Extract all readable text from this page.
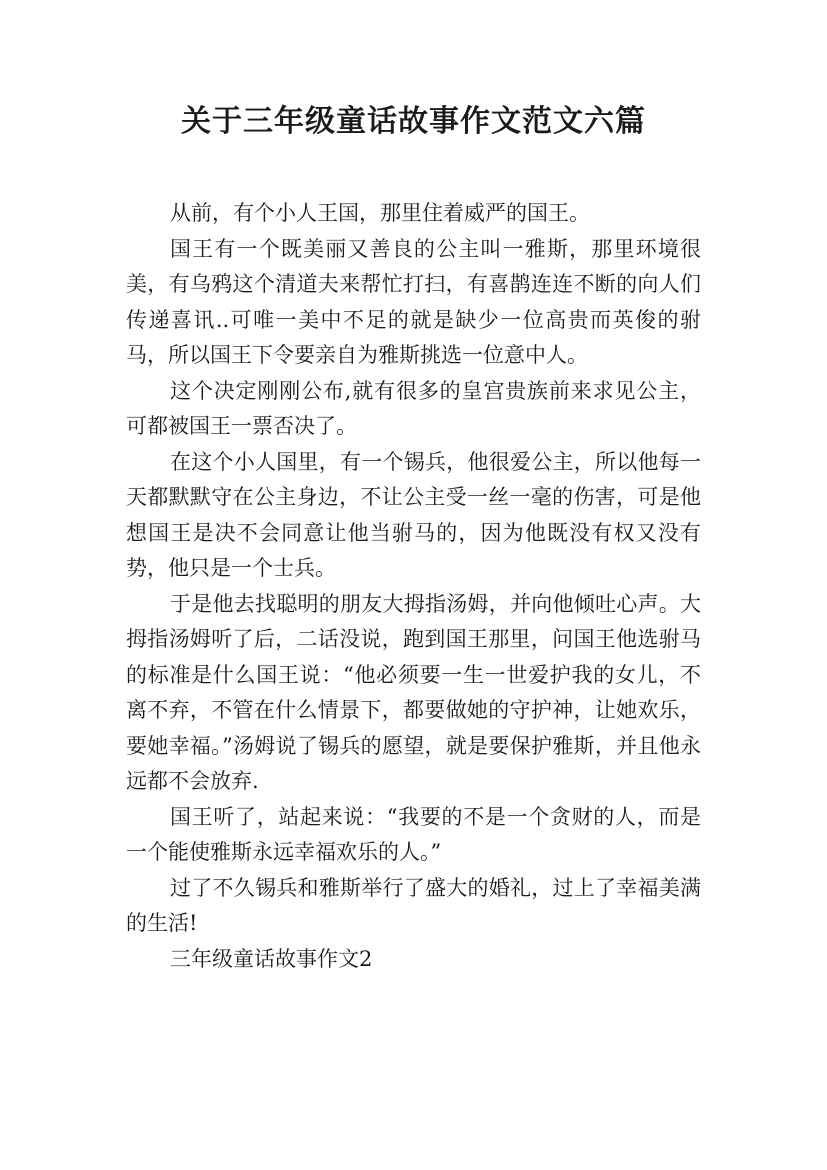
关于三年级童话故事作文范文六篇

从前，有个小人王国，那里住着威严的国王。

国王有一个既美丽又善良的公主叫一雅斯，那里环境很美，有乌鸦这个清道夫来帮忙打扫，有喜鹊连连不断的向人们传递喜讯..可唯一美中不足的就是缺少一位高贵而英俊的驸马，所以国王下令要亲自为雅斯挑选一位意中人。

这个决定刚刚公布,就有很多的皇宫贵族前来求见公主，可都被国王一票否决了。

在这个小人国里，有一个锡兵，他很爱公主，所以他每一天都默默守在公主身边，不让公主受一丝一毫的伤害，可是他想国王是决不会同意让他当驸马的，因为他既没有权又没有势，他只是一个士兵。

于是他去找聪明的朋友大拇指汤姆，并向他倾吐心声。大拇指汤姆听了后，二话没说，跑到国王那里，问国王他选驸马的标准是什么国王说：“他必须要一生一世爱护我的女儿，不离不弃，不管在什么情景下，都要做她的守护神，让她欢乐，要她幸福。”汤姆说了锡兵的愿望，就是要保护雅斯，并且他永远都不会放弃.

国王听了，站起来说：“我要的不是一个贪财的人，而是一个能使雅斯永远幸福欢乐的人。”

过了不久锡兵和雅斯举行了盛大的婚礼，过上了幸福美满的生活!

三年级童话故事作文2
